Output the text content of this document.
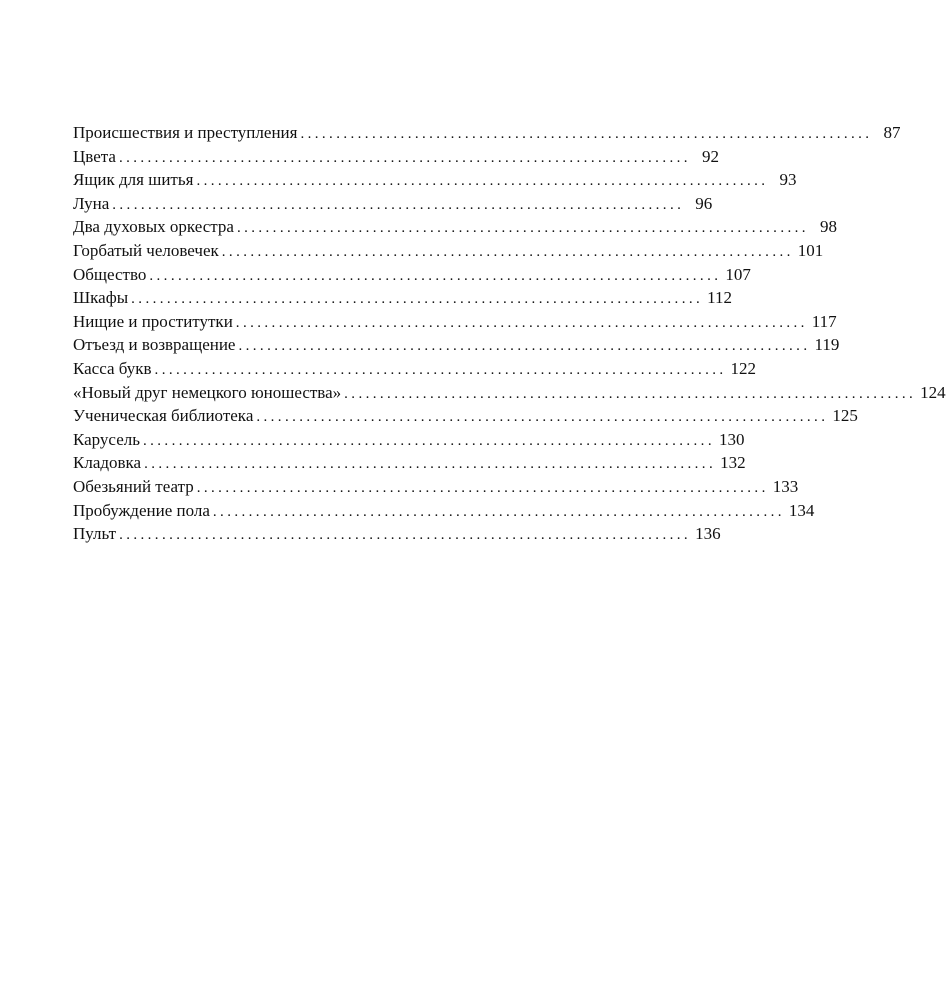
Происшествия и преступления ................................................................................ 87
Цвета ................................................................................ 92
Ящик для шитья ................................................................................ 93
Луна ................................................................................ 96
Два духовых оркестра ................................................................................ 98
Горбатый человечек ................................................................................ 101
Общество ................................................................................ 107
Шкафы ................................................................................ 112
Нищие и проститутки ................................................................................ 117
Отъезд и возвращение ................................................................................ 119
Касса букв ................................................................................ 122
«Новый друг немецкого юношества» ................................................................................ 124
Ученическая библиотека ................................................................................ 125
Карусель ................................................................................ 130
Кладовка ................................................................................ 132
Обезьяний театр ................................................................................ 133
Пробуждение пола ................................................................................ 134
Пульт ................................................................................ 136
